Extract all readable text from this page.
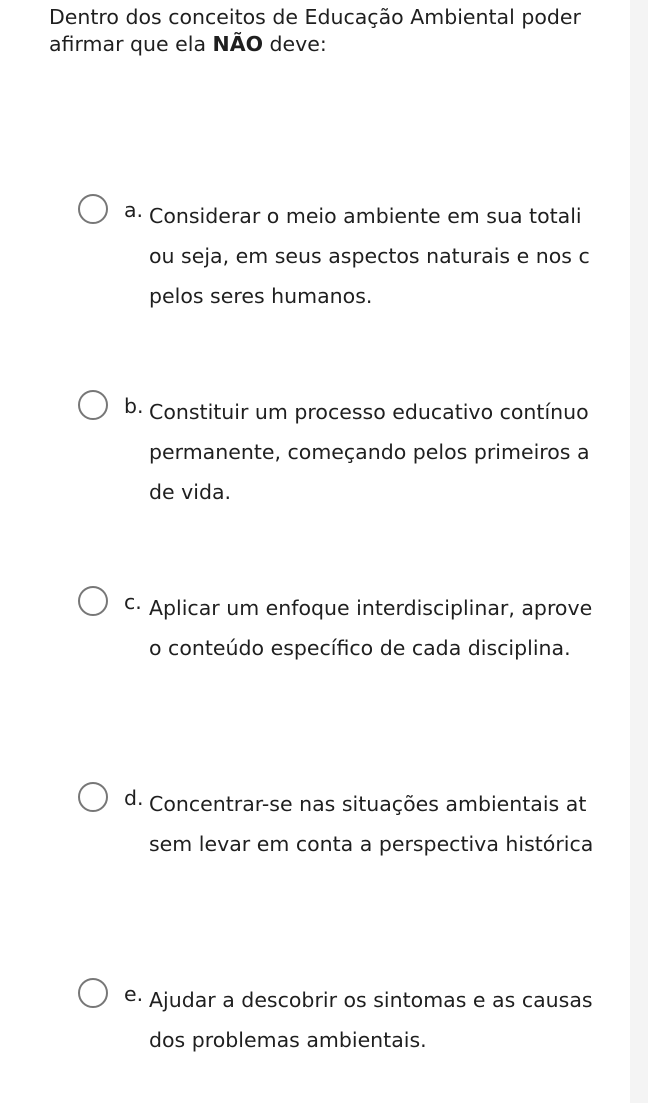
Dentro dos conceitos de Educação Ambiental poder
afirmar que ela NÃO deve:
a. Considerar o meio ambiente em sua totali
ou seja, em seus aspectos naturais e nos c
pelos seres humanos.
b. Constituir um processo educativo contínuo
permanente, começando pelos primeiros a
de vida.
c. Aplicar um enfoque interdisciplinar, aprove
o conteúdo específico de cada disciplina.
d. Concentrar-se nas situações ambientais at
sem levar em conta a perspectiva histórica
e. Ajudar a descobrir os sintomas e as causas
dos problemas ambientais.
